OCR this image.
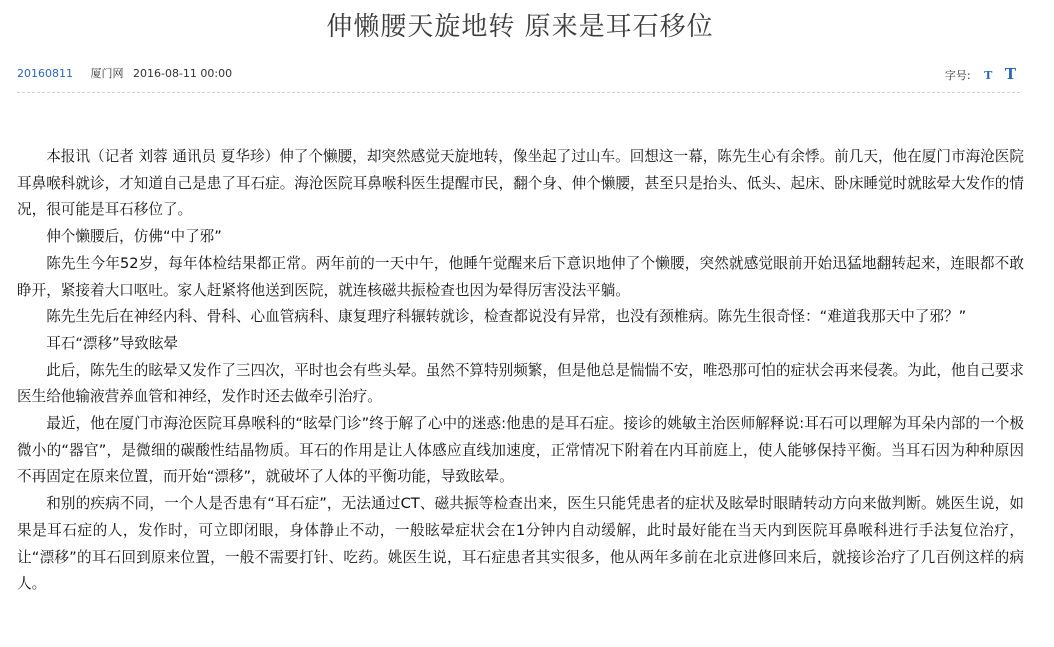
伸懒腰天旋地转 原来是耳石移位
20160811 厦门网 2016-08-11 00:00	字号: T T

本报讯（记者 刘蓉 通讯员 夏华珍）伸了个懒腰，却突然感觉天旋地转，像坐起了过山车。回想这一幕，陈先生心有余悸。前几天，他在厦门市海沧医院耳鼻喉科就诊，才知道自己是患了耳石症。海沧医院耳鼻喉科医生提醒市民，翻个身、伸个懒腰，甚至只是抬头、低头、起床、卧床睡觉时就眩晕大发作的情况，很可能是耳石移位了。

伸个懒腰后，仿佛“中了邪”

陈先生今年52岁，每年体检结果都正常。两年前的一天中午，他睡午觉醒来后下意识地伸了个懒腰，突然就感觉眼前开始迅猛地翻转起来，连眼都不敢睁开，紧接着大口呕吐。家人赶紧将他送到医院，就连核磁共振检查也因为晕得厉害没法平躺。

陈先生先后在神经内科、骨科、心血管病科、康复理疗科辗转就诊，检查都说没有异常，也没有颈椎病。陈先生很奇怪：“难道我那天中了邪？”

耳石“漂移”导致眩晕

此后，陈先生的眩晕又发作了三四次，平时也会有些头晕。虽然不算特别频繁，但是他总是惴惴不安，唯恐那可怕的症状会再来侵袭。为此，他自己要求医生给他输液营养血管和神经，发作时还去做牵引治疗。

最近，他在厦门市海沧医院耳鼻喉科的“眩晕门诊”终于解了心中的迷惑:他患的是耳石症。接诊的姚敏主治医师解释说:耳石可以理解为耳朵内部的一个极微小的“器官”，是微细的碳酸性结晶物质。耳石的作用是让人体感应直线加速度，正常情况下附着在内耳前庭上，使人能够保持平衡。当耳石因为种种原因不再固定在原来位置，而开始“漂移”，就破坏了人体的平衡功能，导致眩晕。

和别的疾病不同，一个人是否患有“耳石症”，无法通过CT、磁共振等检查出来，医生只能凭患者的症状及眩晕时眼睛转动方向来做判断。姚医生说，如果是耳石症的人，发作时，可立即闭眼，身体静止不动，一般眩晕症状会在1分钟内自动缓解，此时最好能在当天内到医院耳鼻喉科进行手法复位治疗，让“漂移”的耳石回到原来位置，一般不需要打针、吃药。姚医生说，耳石症患者其实很多，他从两年多前在北京进修回来后，就接诊治疗了几百例这样的病人。
